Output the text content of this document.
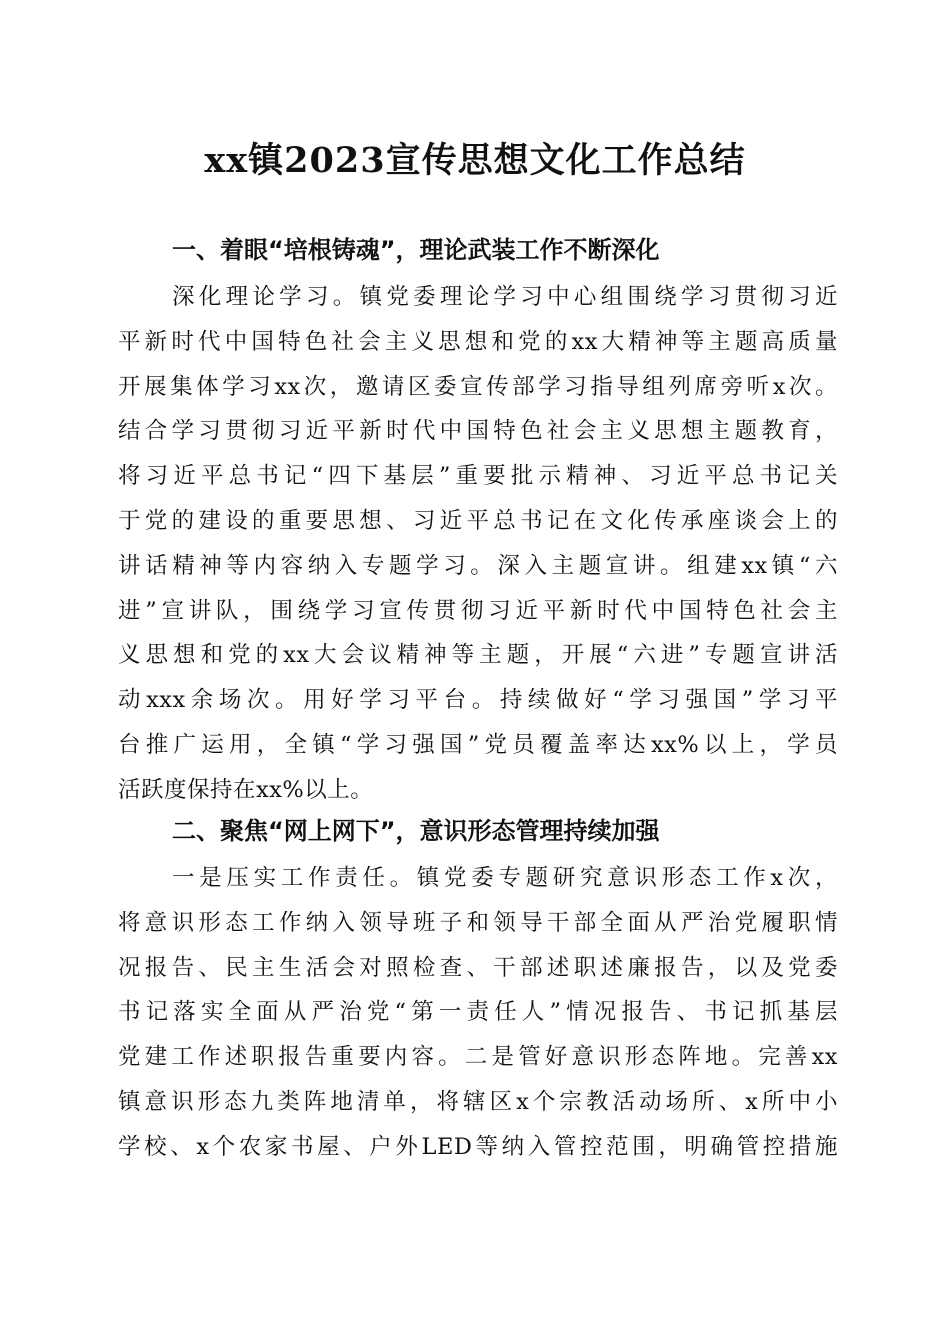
xx镇2023宣传思想文化工作总结
一、着眼“培根铸魂”，理论武装工作不断深化
深化理论学习。镇党委理论学习中心组围绕学习贯彻习近
平新时代中国特色社会主义思想和党的xx大精神等主题高质量
开展集体学习xx次，邀请区委宣传部学习指导组列席旁听x次。
结合学习贯彻习近平新时代中国特色社会主义思想主题教育，
将习近平总书记“四下基层”重要批示精神、习近平总书记关
于党的建设的重要思想、习近平总书记在文化传承座谈会上的
讲话精神等内容纳入专题学习。深入主题宣讲。组建xx镇“六
进”宣讲队，围绕学习宣传贯彻习近平新时代中国特色社会主
义思想和党的xx大会议精神等主题，开展“六进”专题宣讲活
动xxx余场次。用好学习平台。持续做好“学习强国”学习平
台推广运用，全镇“学习强国”党员覆盖率达xx%以上，学员
活跃度保持在xx%以上。
二、聚焦“网上网下”，意识形态管理持续加强
一是压实工作责任。镇党委专题研究意识形态工作x次，
将意识形态工作纳入领导班子和领导干部全面从严治党履职情
况报告、民主生活会对照检查、干部述职述廉报告，以及党委
书记落实全面从严治党“第一责任人”情况报告、书记抓基层
党建工作述职报告重要内容。二是管好意识形态阵地。完善xx
镇意识形态九类阵地清单，将辖区x个宗教活动场所、x所中小
学校、x个农家书屋、户外LED等纳入管控范围，明确管控措施
